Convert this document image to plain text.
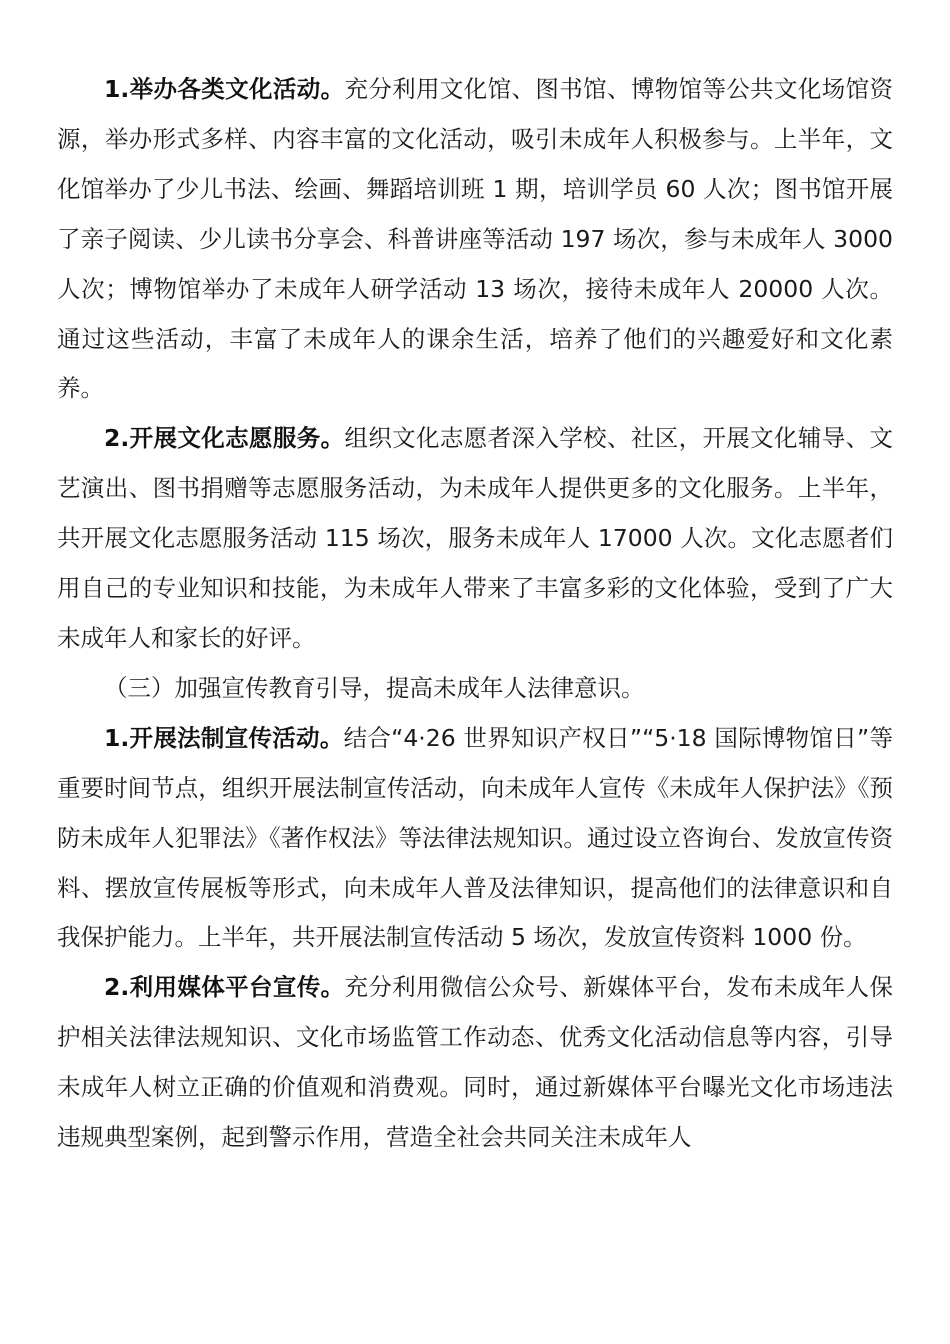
1.举办各类文化活动。充分利用文化馆、图书馆、博物馆等公共文化场馆资源，举办形式多样、内容丰富的文化活动，吸引未成年人积极参与。上半年，文化馆举办了少儿书法、绘画、舞蹈培训班 1 期，培训学员 60 人次；图书馆开展了亲子阅读、少儿读书分享会、科普讲座等活动 197 场次，参与未成年人 3000 人次；博物馆举办了未成年人研学活动 13 场次，接待未成年人 20000 人次。通过这些活动，丰富了未成年人的课余生活，培养了他们的兴趣爱好和文化素养。

2.开展文化志愿服务。组织文化志愿者深入学校、社区，开展文化辅导、文艺演出、图书捐赠等志愿服务活动，为未成年人提供更多的文化服务。上半年，共开展文化志愿服务活动 115 场次，服务未成年人 17000 人次。文化志愿者们用自己的专业知识和技能，为未成年人带来了丰富多彩的文化体验，受到了广大未成年人和家长的好评。

（三）加强宣传教育引导，提高未成年人法律意识。

1.开展法制宣传活动。结合“4·26 世界知识产权日”“5·18 国际博物馆日”等重要时间节点，组织开展法制宣传活动，向未成年人宣传《未成年人保护法》《预防未成年人犯罪法》《著作权法》等法律法规知识。通过设立咨询台、发放宣传资料、摆放宣传展板等形式，向未成年人普及法律知识，提高他们的法律意识和自我保护能力。上半年，共开展法制宣传活动 5 场次，发放宣传资料 1000 份。

2.利用媒体平台宣传。充分利用微信公众号、新媒体平台，发布未成年人保护相关法律法规知识、文化市场监管工作动态、优秀文化活动信息等内容，引导未成年人树立正确的价值观和消费观。同时，通过新媒体平台曝光文化市场违法违规典型案例，起到警示作用，营造全社会共同关注未成年人
